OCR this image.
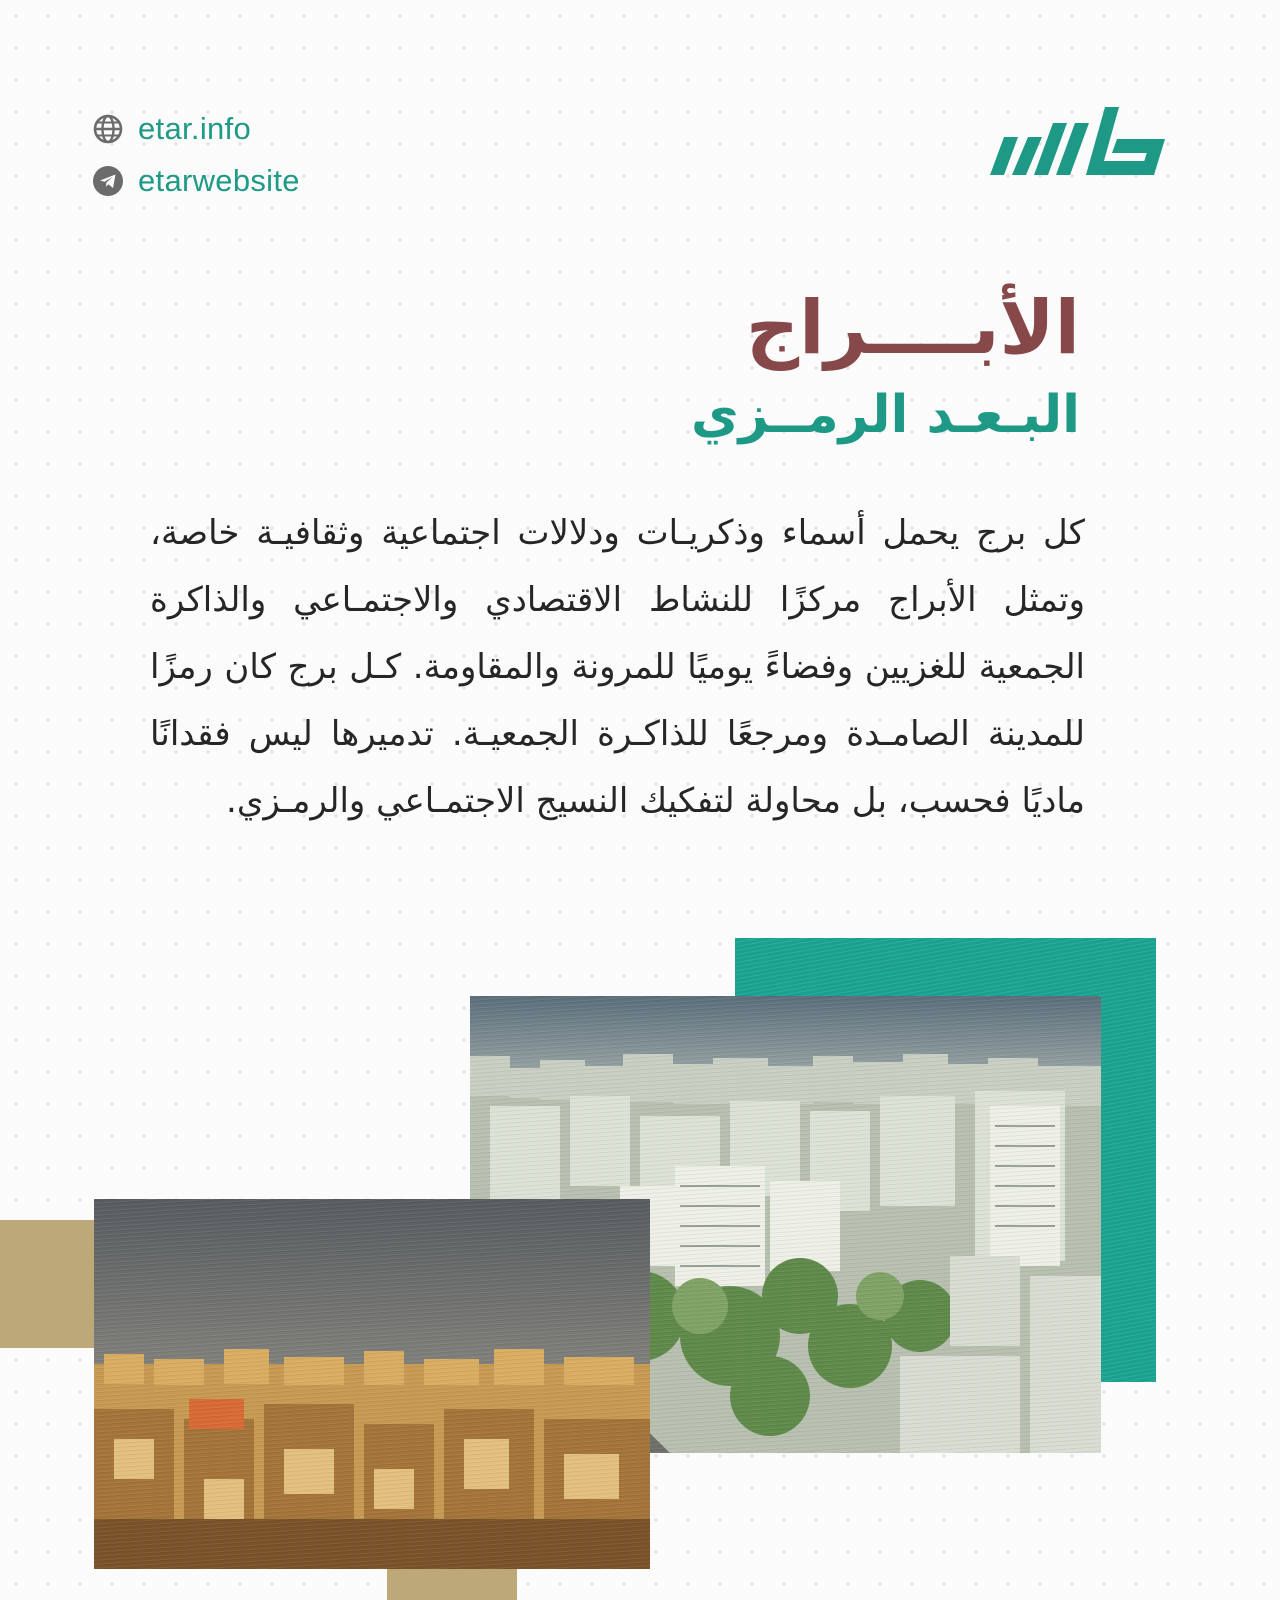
etar.info
etarwebsite
الأبــــراج
البـعـد الرمــزي
كل برج يحمل أسماء وذكريـات ودلالات اجتماعية وثقافيـة خاصة، وتمثل الأبراج مركزًا للنشاط الاقتصادي والاجتمـاعي والذاكرة الجمعية للغزيين وفضاءً يوميًا للمرونة والمقاومة. كـل برج كان رمزًا للمدينة الصامـدة ومرجعًا للذاكـرة الجمعيـة. تدميرها ليس فقدانًا ماديًا فحسب، بل محاولة لتفكيك النسيج الاجتمـاعي والرمـزي.
